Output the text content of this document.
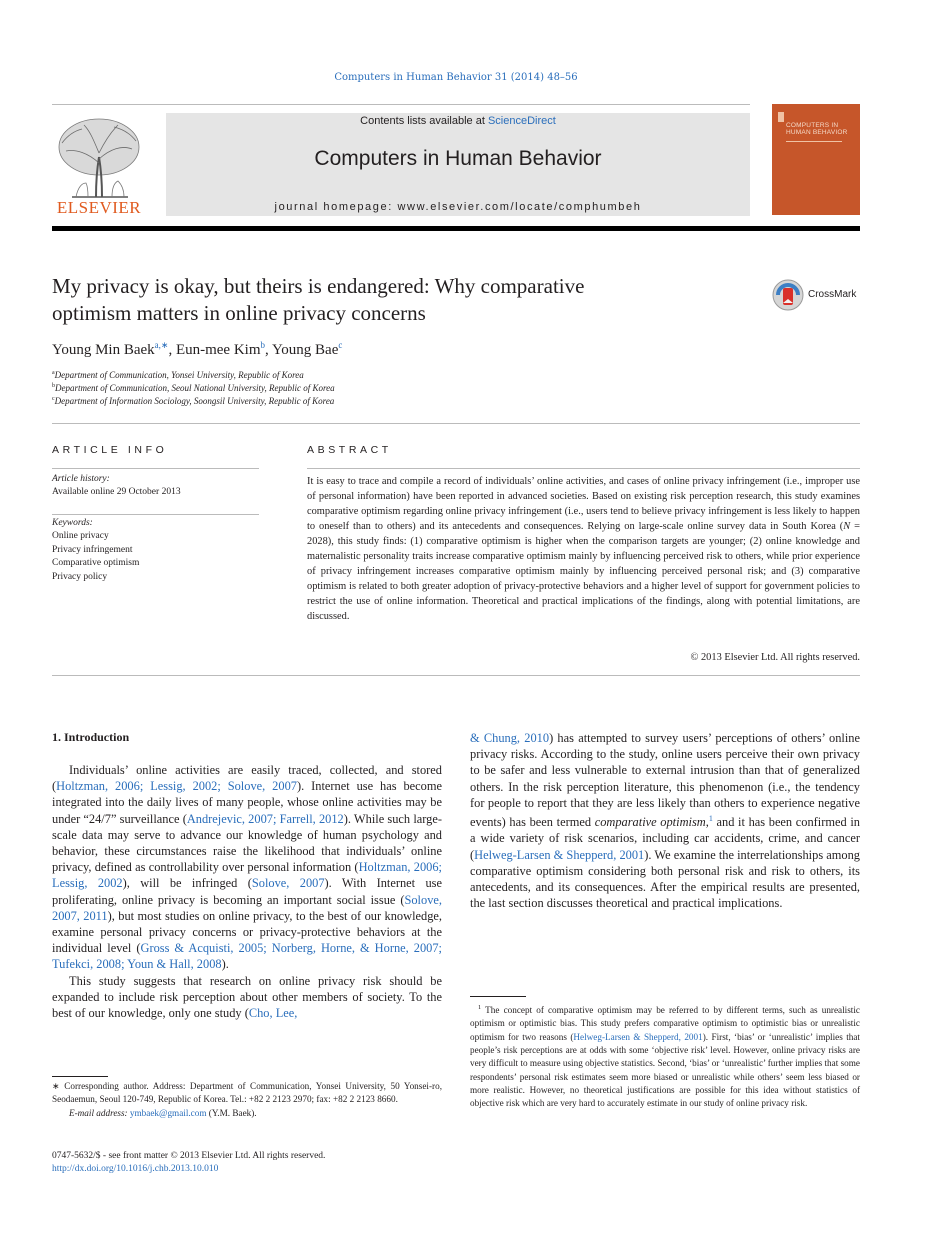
Computers in Human Behavior 31 (2014) 48–56
ELSEVIER
Contents lists available at ScienceDirect
Computers in Human Behavior
journal homepage: www.elsevier.com/locate/comphumbeh
COMPUTERS IN
HUMAN BEHAVIOR
My privacy is okay, but theirs is endangered: Why comparative
optimism matters in online privacy concerns
CrossMark
Young Min Baek$^{a,∗}$, Eun-mee Kim$^b$, Young Bae$^c$
$^a$Department of Communication, Yonsei University, Republic of Korea
$^b$Department of Communication, Seoul National University, Republic of Korea
$^c$Department of Information Sociology, Soongsil University, Republic of Korea
ARTICLE INFO
Article history:
Available online 29 October 2013
Keywords:
Online privacy
Privacy infringement
Comparative optimism
Privacy policy
ABSTRACT
It is easy to trace and compile a record of individuals’ online activities, and cases of online privacy infringement (i.e., improper use of personal information) have been reported in advanced societies. Based on existing risk perception research, this study examines comparative optimism regarding online privacy infringement (i.e., users tend to believe privacy infringement is less likely to happen to oneself than to others) and its antecedents and consequences. Relying on large-scale online survey data in South Korea (N = 2028), this study finds: (1) comparative optimism is higher when the comparison targets are younger; (2) online knowledge and maternalistic personality traits increase comparative optimism mainly by influencing perceived risk to others, while prior experience of privacy infringement increases comparative optimism mainly by influencing perceived personal risk; and (3) comparative optimism is related to both greater adoption of privacy-protective behaviors and a higher level of support for government policies to restrict the use of online information. Theoretical and practical implications of the findings, along with potential limitations, are discussed.
© 2013 Elsevier Ltd. All rights reserved.
1. Introduction

Individuals’ online activities are easily traced, collected, and stored (Holtzman, 2006; Lessig, 2002; Solove, 2007). Internet use has become integrated into the daily lives of many people, whose online activities may be under “24/7” surveillance (Andrejevic, 2007; Farrell, 2012). While such large-scale data may serve to advance our knowledge of human psychology and behavior, these circumstances raise the likelihood that individuals’ online privacy, defined as controllability over personal information (Holtzman, 2006; Lessig, 2002), will be infringed (Solove, 2007). With Internet use proliferating, online privacy is becoming an important social issue (Solove, 2007, 2011), but most studies on online privacy, to the best of our knowledge, examine personal privacy concerns or privacy-protective behaviors at the individual level (Gross & Acquisti, 2005; Norberg, Horne, & Horne, 2007; Tufekci, 2008; Youn & Hall, 2008).

This study suggests that research on online privacy risk should be expanded to include risk perception about other members of society. To the best of our knowledge, only one study (Cho, Lee,

& Chung, 2010) has attempted to survey users’ perceptions of others’ online privacy risks. According to the study, online users perceive their own privacy to be safer and less vulnerable to external intrusion than that of generalized others. In the risk perception literature, this phenomenon (i.e., the tendency for people to report that they are less likely than others to experience negative events) has been termed comparative optimism,$^1$ and it has been confirmed in a wide variety of risk scenarios, including car accidents, crime, and cancer (Helweg-Larsen & Shepperd, 2001). We examine the interrelationships among comparative optimism considering both personal risk and risk to others, its antecedents, and its consequences. After the empirical results are presented, the last section discusses theoretical and practical implications.

∗ Corresponding author. Address: Department of Communication, Yonsei University, 50 Yonsei-ro, Seodaemun, Seoul 120-749, Republic of Korea. Tel.: +82 2 2123 2970; fax: +82 2 2123 8660.

E-mail address: ymbaek@gmail.com (Y.M. Baek).

$^1$ The concept of comparative optimism may be referred to by different terms, such as unrealistic optimism or optimistic bias. This study prefers comparative optimism to optimistic bias or unrealistic optimism for two reasons (Helweg-Larsen & Shepperd, 2001). First, ‘bias’ or ‘unrealistic’ implies that people’s risk perceptions are at odds with some ‘objective risk’ level. However, online privacy risks are very difficult to measure using objective statistics. Second, ‘bias’ or ‘unrealistic’ further implies that some respondents’ personal risk estimates seem more biased or unrealistic while others’ seem less biased or more realistic. However, no theoretical justifications are possible for this idea without statistics of objective risk which are very hard to accurately estimate in our study of online privacy risk.

0747-5632/$ - see front matter © 2013 Elsevier Ltd. All rights reserved.
http://dx.doi.org/10.1016/j.chb.2013.10.010
